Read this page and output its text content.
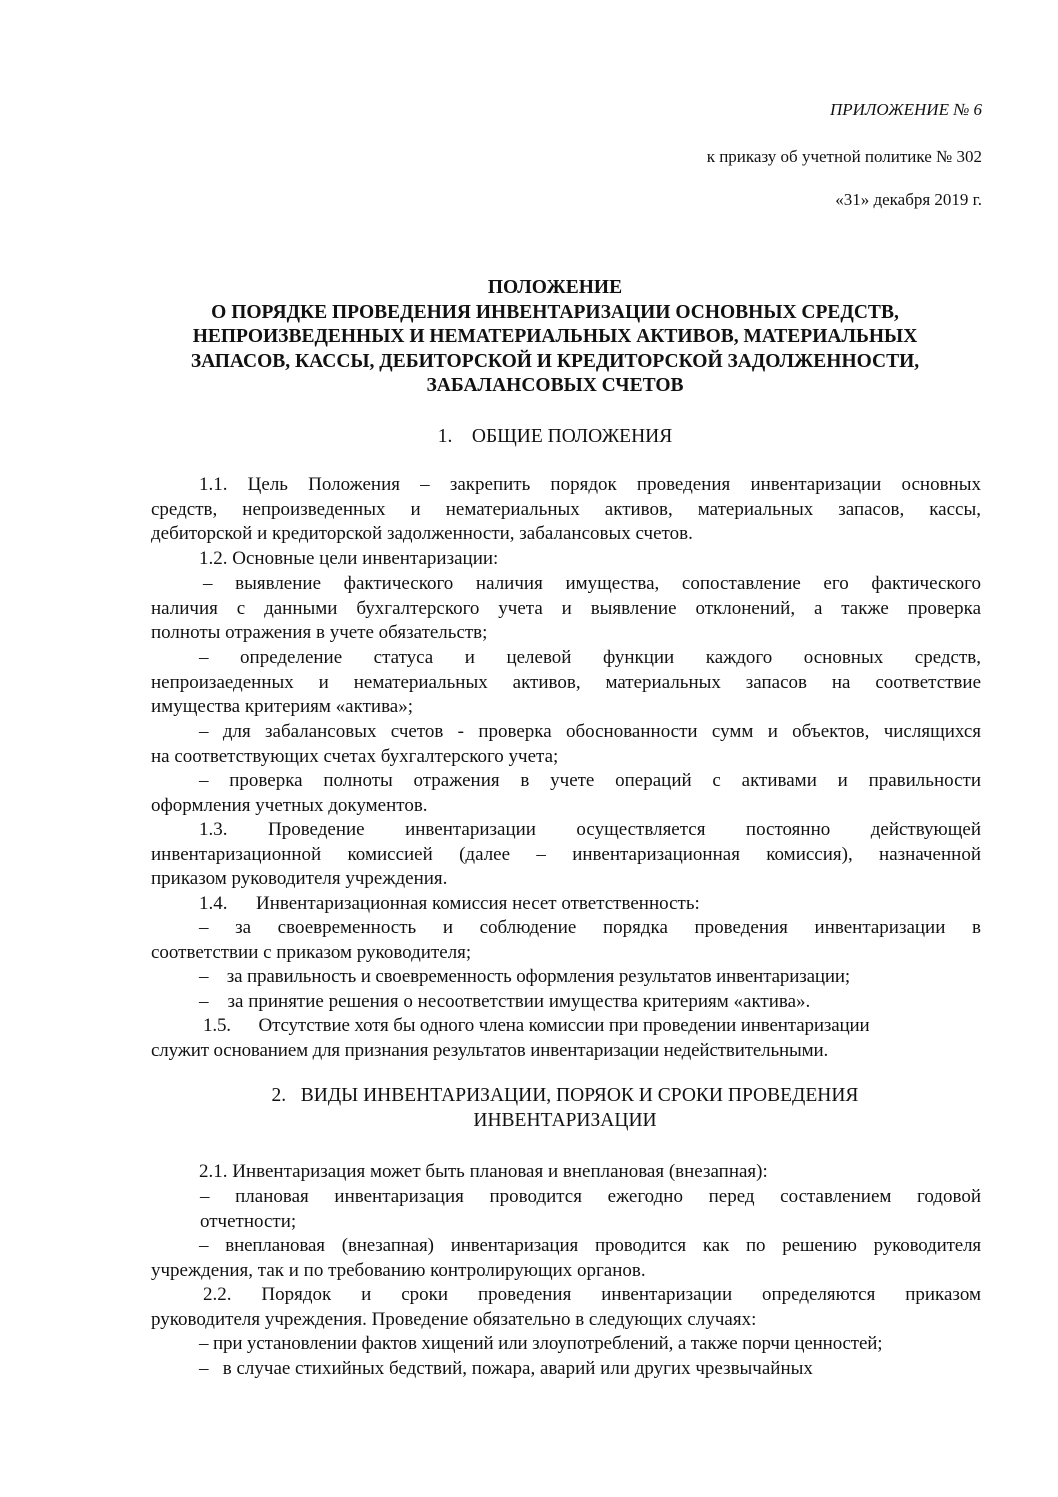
ПРИЛОЖЕНИЕ № 6
к приказу об учетной политике № 302
«31» декабря 2019 г.
ПОЛОЖЕНИЕ
О ПОРЯДКЕ ПРОВЕДЕНИЯ ИНВЕНТАРИЗАЦИИ ОСНОВНЫХ СРЕДСТВ,
НЕПРОИЗВЕДЕННЫХ И НЕМАТЕРИАЛЬНЫХ АКТИВОВ, МАТЕРИАЛЬНЫХ
ЗАПАСОВ, КАССЫ, ДЕБИТОРСКОЙ И КРЕДИТОРСКОЙ ЗАДОЛЖЕННОСТИ,
ЗАБАЛАНСОВЫХ СЧЕТОВ
1.    ОБЩИЕ ПОЛОЖЕНИЯ
1.1. Цель Положения – закрепить порядок проведения инвентаризации основных
средств, непроизведенных и нематериальных активов, материальных запасов, кассы,
дебиторской и кредиторской задолженности, забалансовых счетов.
1.2. Основные цели инвентаризации:
– выявление фактического наличия имущества, сопоставление его фактического
наличия с данными бухгалтерского учета и выявление отклонений, а также проверка
полноты отражения в учете обязательств;
– определение статуса и целевой функции каждого основных средств,
непроизаеденных и нематериальных активов, материальных запасов на соответствие
имущества критериям «актива»;
– для забалансовых счетов - проверка обоснованности сумм и объектов, числящихся
на соответствующих счетах бухгалтерского учета;
– проверка полноты отражения в учете операций с активами и правильности
оформления учетных документов.
1.3. Проведение инвентаризации осуществляется постоянно действующей
инвентаризационной комиссией (далее – инвентаризационная комиссия), назначенной
приказом руководителя учреждения.
1.4.      Инвентаризационная комиссия несет ответственность:
– за своевременность и соблюдение порядка проведения инвентаризации в
соответствии с приказом руководителя;
–    за правильность и своевременность оформления результатов инвентаризации;
–    за принятие решения о несоответствии имущества критериям «актива».
1.5.      Отсутствие хотя бы одного члена комиссии при проведении инвентаризации
служит основанием для признания результатов инвентаризации недействительными.
2.   ВИДЫ ИНВЕНТАРИЗАЦИИ, ПОРЯОК И СРОКИ ПРОВЕДЕНИЯ
ИНВЕНТАРИЗАЦИИ
2.1. Инвентаризация может быть плановая и внеплановая (внезапная):
– плановая инвентаризация проводится ежегодно перед составлением годовой
отчетности;
– внеплановая (внезапная) инвентаризация проводится как по решению руководителя
учреждения, так и по требованию контролирующих органов.
2.2. Порядок и сроки проведения инвентаризации определяются приказом
руководителя учреждения. Проведение обязательно в следующих случаях:
– при установлении фактов хищений или злоупотреблений, а также порчи ценностей;
–   в случае стихийных бедствий, пожара, аварий или других чрезвычайных
